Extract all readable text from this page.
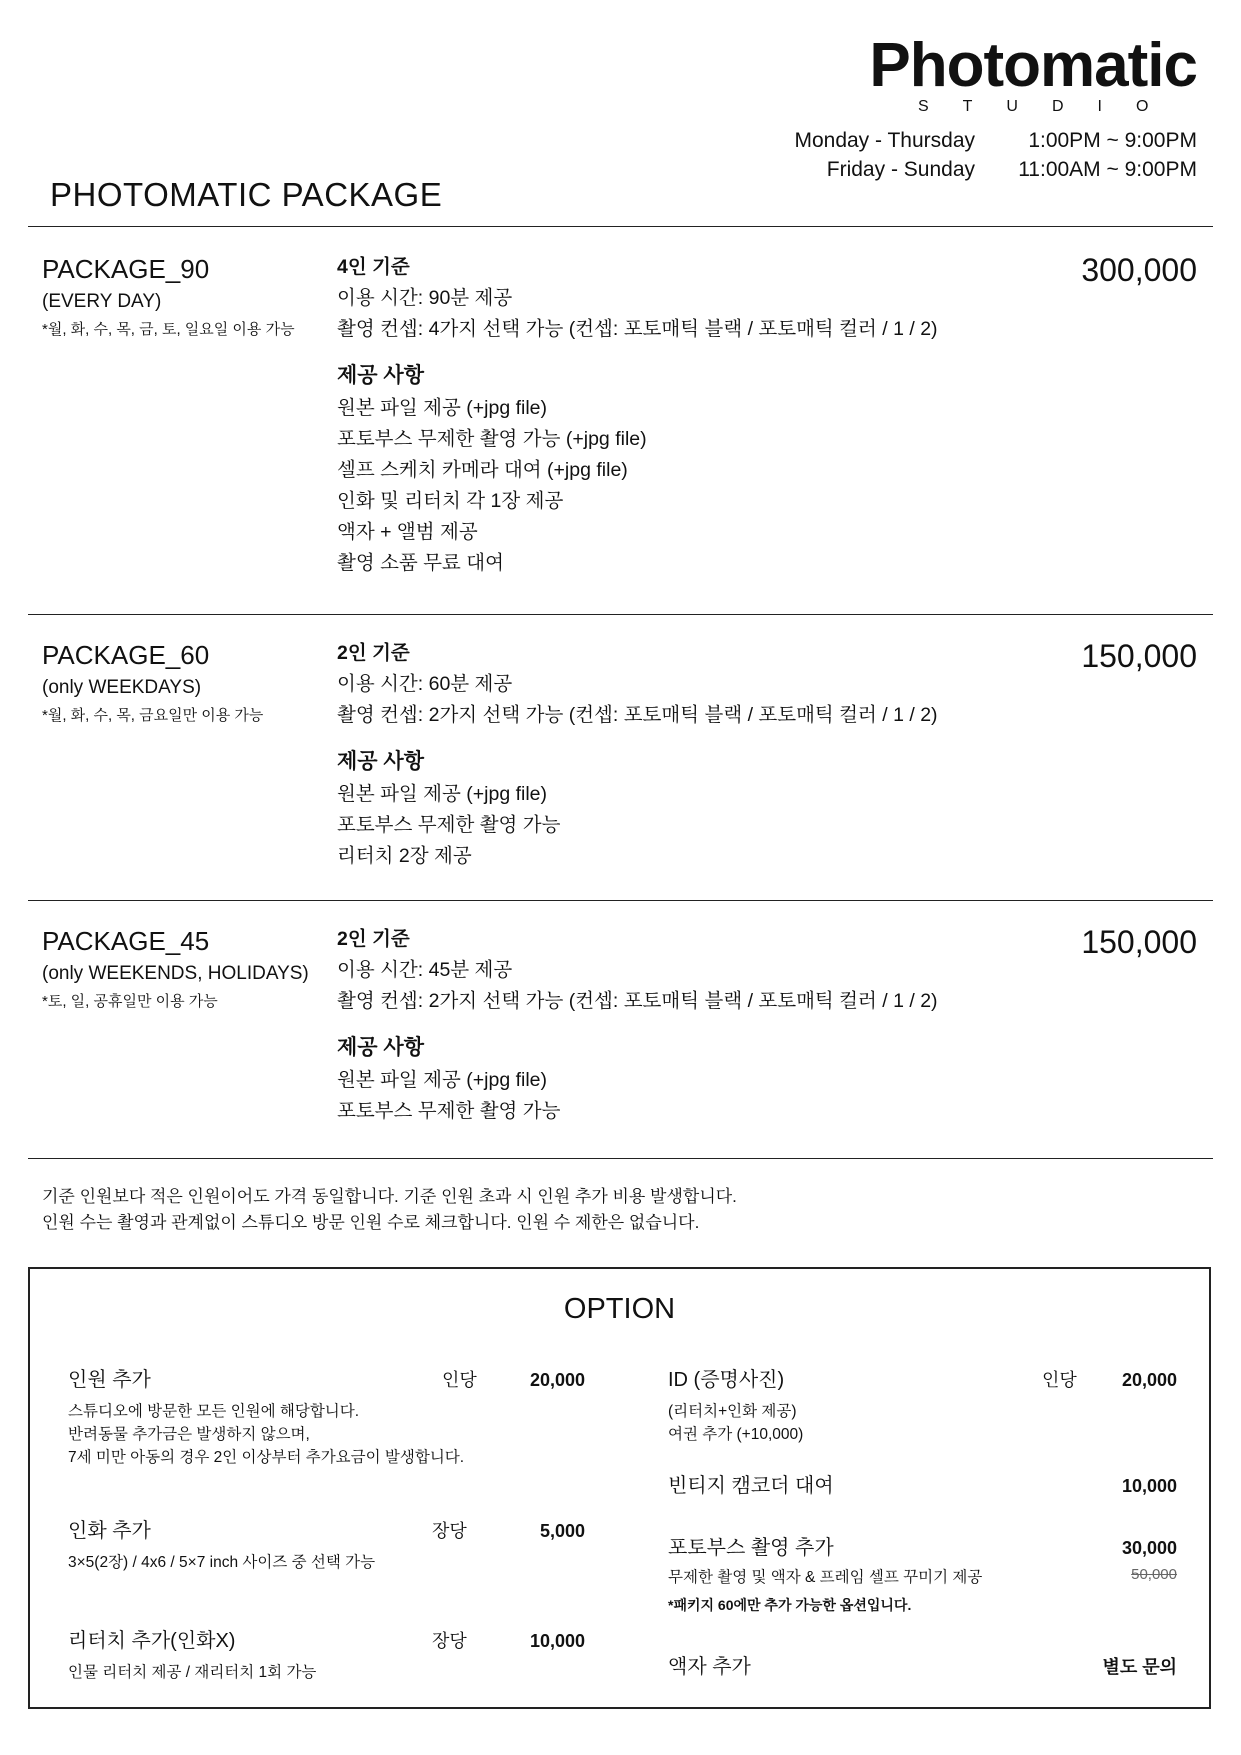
Photomatic
STUDIO
Monday - Thursday	1:00PM ~ 9:00PM
Friday - Sunday	11:00AM ~ 9:00PM
PHOTOMATIC PACKAGE
PACKAGE_90
(EVERY DAY)
*월, 화, 수, 목, 금, 토, 일요일 이용 가능
300,000
4인 기준
이용 시간: 90분 제공
촬영 컨셉: 4가지 선택 가능 (컨셉: 포토매틱 블랙 / 포토매틱 컬러 / 1 / 2)
제공 사항
원본 파일 제공 (+jpg file)
포토부스 무제한 촬영 가능 (+jpg file)
셀프 스케치 카메라 대여 (+jpg file)
인화 및 리터치 각 1장 제공
액자 + 앨범 제공
촬영 소품 무료 대여
PACKAGE_60
(only WEEKDAYS)
*월, 화, 수, 목, 금요일만 이용 가능
150,000
2인 기준
이용 시간: 60분 제공
촬영 컨셉: 2가지 선택 가능 (컨셉: 포토매틱 블랙 / 포토매틱 컬러 / 1 / 2)
제공 사항
원본 파일 제공 (+jpg file)
포토부스 무제한 촬영 가능
리터치 2장 제공
PACKAGE_45
(only WEEKENDS, HOLIDAYS)
*토, 일, 공휴일만 이용 가능
150,000
2인 기준
이용 시간: 45분 제공
촬영 컨셉: 2가지 선택 가능 (컨셉: 포토매틱 블랙 / 포토매틱 컬러 / 1 / 2)
제공 사항
원본 파일 제공 (+jpg file)
포토부스 무제한 촬영 가능
기준 인원보다 적은 인원이어도 가격 동일합니다. 기준 인원 초과 시 인원 추가 비용 발생합니다.
인원 수는 촬영과 관계없이 스튜디오 방문 인원 수로 체크합니다. 인원 수 제한은 없습니다.
OPTION
인원 추가	인당	20,000
스튜디오에 방문한 모든 인원에 해당합니다.
반려동물 추가금은 발생하지 않으며,
7세 미만 아동의 경우 2인 이상부터 추가요금이 발생합니다.
인화 추가	장당	5,000
3×5(2장) / 4x6 / 5×7 inch 사이즈 중 선택 가능
리터치 추가(인화X)	장당	10,000
인물 리터치 제공 / 재리터치 1회 가능
ID (증명사진)	인당	20,000
(리터치+인화 제공)
여권 추가 (+10,000)
빈티지 캠코더 대여	10,000
포토부스 촬영 추가	30,000
무제한 촬영 및 액자 & 프레임 셀프 꾸미기 제공	50,000
*패키지 60에만 추가 가능한 옵션입니다.
액자 추가	별도 문의
